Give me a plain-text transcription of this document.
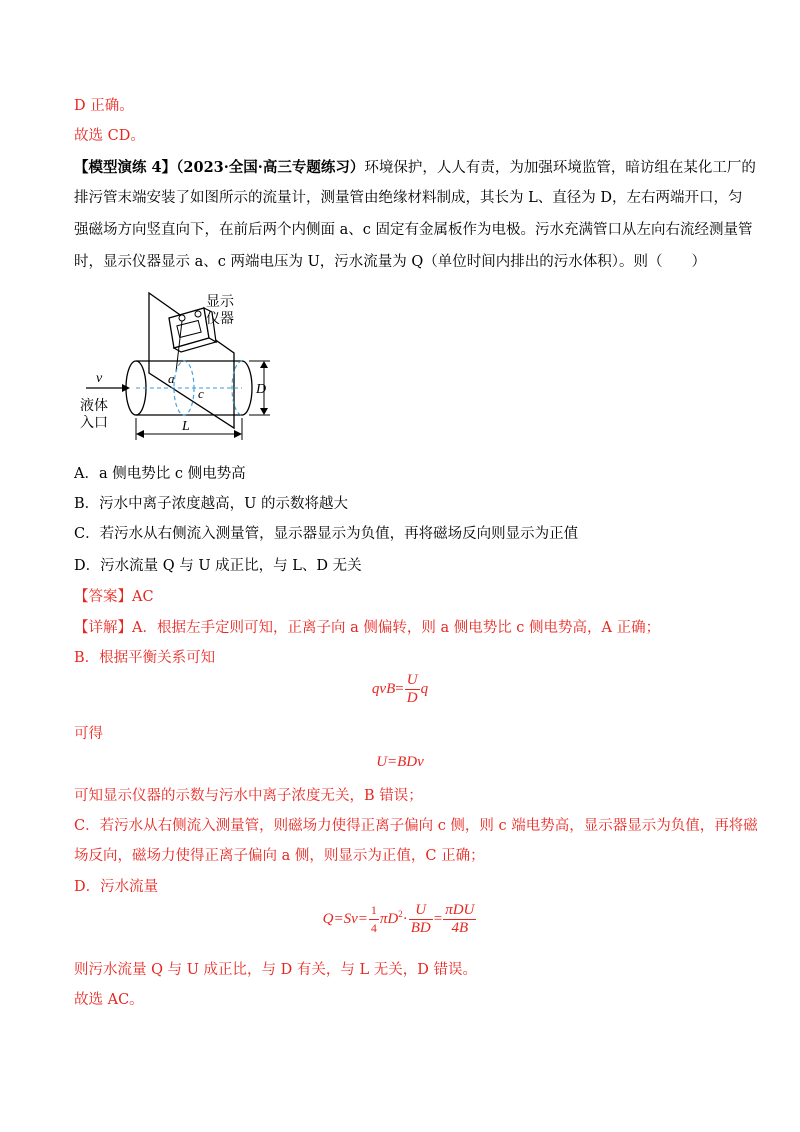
D 正确。
故选 CD。
【模型演练 4】（2023·全国·高三专题练习）环境保护，人人有责，为加强环境监管，暗访组在某化工厂的
排污管末端安装了如图所示的流量计，测量管由绝缘材料制成，其长为 L、直径为 D，左右两端开口，匀
强磁场方向竖直向下，在前后两个内侧面 a、c 固定有金属板作为电极。污水充满管口从左向右流经测量管
时，显示仪器显示 a、c 两端电压为 U，污水流量为 Q（单位时间内排出的污水体积）。则（　　）
显示
仪器
a
c
v
液体
入口
D
L
A．a 侧电势比 c 侧电势高
B．污水中离子浓度越高，U 的示数将越大
C．若污水从右侧流入测量管，显示器显示为负值，再将磁场反向则显示为正值
D．污水流量 Q 与 U 成正比，与 L、D 无关
【答案】AC
【详解】A．根据左手定则可知，正离子向 a 侧偏转，则 a 侧电势比 c 侧电势高，A 正确；
B．根据平衡关系可知
$qvB= \frac{U}{D}$ q
可得
U=BDv
可知显示仪器的示数与污水中离子浓度无关，B 错误；
C．若污水从右侧流入测量管，则磁场力使得正离子偏向 c 侧，则 c 端电势高，显示器显示为负值，再将磁
场反向，磁场力使得正离子偏向 a 侧，则显示为正值，C 正确；
D．污水流量
$Q=Sv= \frac{1}{4} \pi D^2\cdot \frac{U}{BD} = \frac{\text{πDU}}{4B}$
则污水流量 Q 与 U 成正比，与 D 有关，与 L 无关，D 错误。
故选 AC。
